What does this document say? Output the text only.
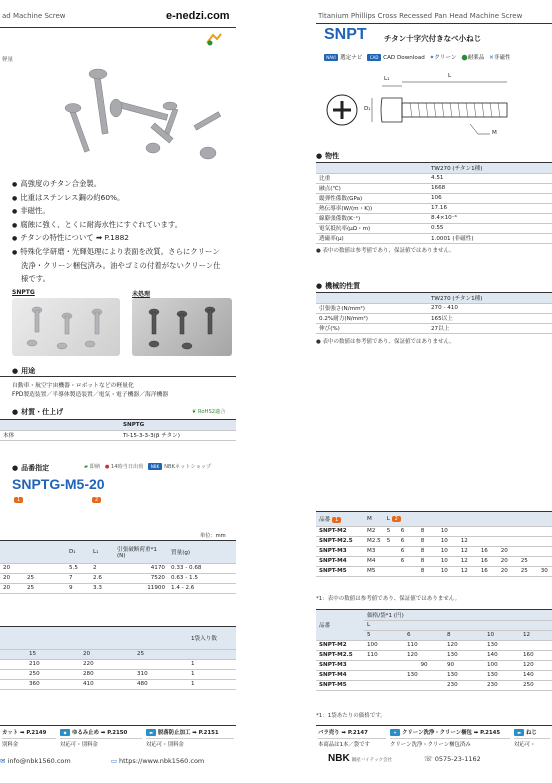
ad Machine Screw	e-nedzi.com
軽量
● 高強度のチタン合金製。
● 比重はステンレス鋼の約60%。
● 非磁性。
● 腐蝕に強く、とくに耐海水性にすぐれています。
● チタンの特性について ➡ P.1882
● 特殊化学研磨・光輝処理により表面を改質。さらにクリーン
洗浄・クリーン梱包済み。油やゴミの付着がないクリーン仕
様です。
SNPTG	未処理
● 用途
自動車・航空宇宙機器・ロボットなどの軽量化
FPD製造装置／半導体製造装置／電気・電子機器／海洋機器
● 材質・仕上げ	❦ RoHS2適合
	SNPTG
本体	Ti-15-3-3-3(β チタン)
● 品番指定	▰ 即納 ● 14時当日出荷 NBK NBKネットショップ
SNPTG-M5-20
1	2
単位：mm
			D₁	L₁	引張破断荷重*1 (N)	質量(g)
20			5.5	2	4170	0.33 - 0.68
20	25		7	2.6	7520	0.63 - 1.5
20	25		9	3.3	11900	1.4 - 2.6
				1袋入り数
	15	20	25	
	210	220		1
	250	280	310	1
	360	410	480	1
カット ➡ P.2149
別料金
◆ ゆるみ止め ➡ P.2150
対応可・別料金
▬ 脱落防止加工 ➡ P.2151
対応可・別料金
✉ info@nbk1560.com	▭ https://www.nbk1560.com
Titanium Phillips Cross Recessed Pan Head Machine Screw
SNPT チタン十字穴付きなべ小ねじ
NAVI 選定ナビ CAD CAD Download ✦クリーン ⬤耐薬品 ✕非磁性
L₁	L
D₁
M
● 物性
	TW270 (チタン1種)
比重	4.51
融点(℃)	1668
縦弾性係数(GPa)	106
熱伝導率(W/(m・K))	17.16
線膨張係数(K⁻¹)	8.4×10⁻⁶
電気抵抗率(μΩ・m)	0.55
透磁率(μ)	1.0001 (非磁性)
● 表中の数値は参考値であり、保証値ではありません。
● 機械的性質
	TW270 (チタン1種)
引張強さ(N/mm²)	270 - 410
0.2%耐力(N/mm²)	165以上
伸び(%)	27以上
● 表中の数値は参考値であり、保証値ではありません。
品番 1	M	L 2								
SNPT-M2	M2	5	6	8	10					
SNPT-M2.5	M2.5	5	6	8	10	12				
SNPT-M3	M3		6	8	10	12	16	20		
SNPT-M4	M4		6	8	10	12	16	20	25	
SNPT-M5	M5			8	10	12	16	20	25	30
*1：表中の数値は参考値であり、保証値ではありません。
品番	価格/袋*1 (円)				
	L				
	5	6	8	10	12
SNPT-M2	100	110	120	130	
SNPT-M2.5	110	120	130	140	160
SNPT-M3		90	90	100	120
SNPT-M4		130	130	130	140
SNPT-M5			230	230	250
*1：1袋あたりの価格です。
バラ売り ➡ P.2147
本商品は1本／袋です
✦ クリーン洗浄・クリーン梱包 ➡ P.2145
クリーン洗浄・クリーン梱包済み
▬ ねじ
対応可・
NBK 鍋屋バイテック会社	☏ 0575-23-1162
